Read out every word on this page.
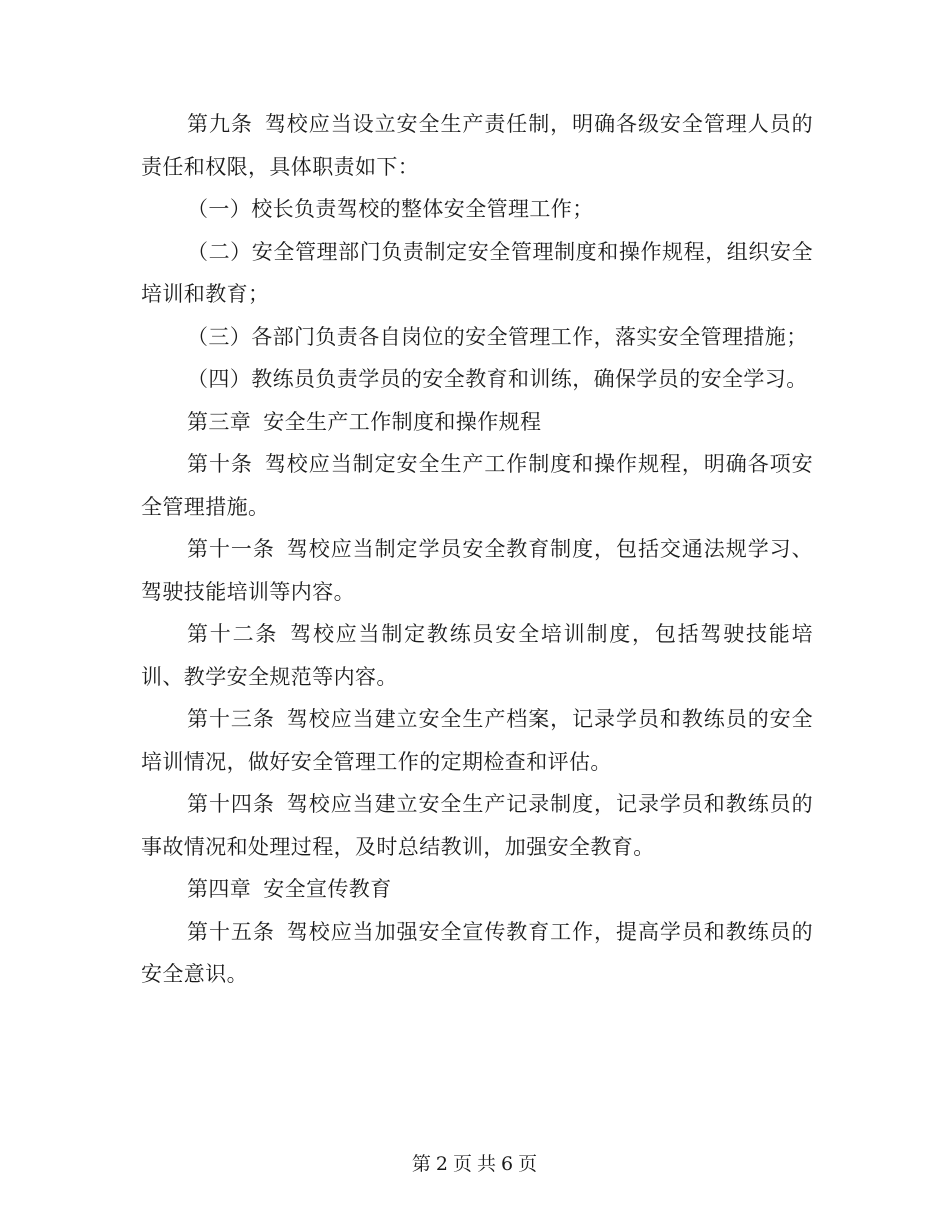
第九条 驾校应当设立安全生产责任制，明确各级安全管理人员的责任和权限，具体职责如下：

（一）校长负责驾校的整体安全管理工作；

（二）安全管理部门负责制定安全管理制度和操作规程，组织安全培训和教育；

（三）各部门负责各自岗位的安全管理工作，落实安全管理措施；

（四）教练员负责学员的安全教育和训练，确保学员的安全学习。

第三章 安全生产工作制度和操作规程

第十条 驾校应当制定安全生产工作制度和操作规程，明确各项安全管理措施。

第十一条 驾校应当制定学员安全教育制度，包括交通法规学习、驾驶技能培训等内容。

第十二条 驾校应当制定教练员安全培训制度，包括驾驶技能培训、教学安全规范等内容。

第十三条 驾校应当建立安全生产档案，记录学员和教练员的安全培训情况，做好安全管理工作的定期检查和评估。

第十四条 驾校应当建立安全生产记录制度，记录学员和教练员的事故情况和处理过程，及时总结教训，加强安全教育。

第四章 安全宣传教育

第十五条 驾校应当加强安全宣传教育工作，提高学员和教练员的安全意识。

第 2 页 共 6 页
